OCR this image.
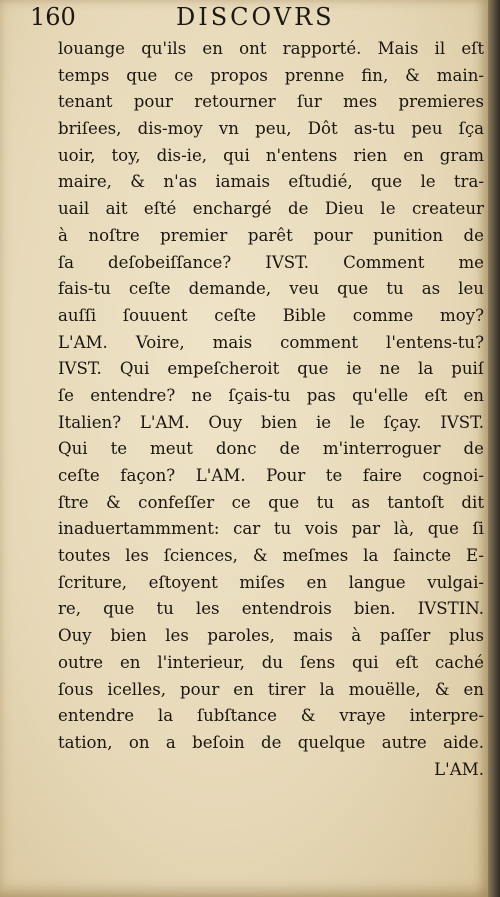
160	DISCOVRS
louange qu'ils en ont rapporté. Mais il eſt
temps que ce propos prenne fin, & main-
tenant pour retourner ſur mes premieres
briſees, dis-moy vn peu, Dôt as-tu peu ſça
uoir, toy, dis-ie, qui n'entens rien en gram
maire, & n'as iamais eſtudié, que le tra-
uail ait eſté enchargé de Dieu le createur
à noſtre premier parêt pour punition de
ſa deſobeiſſance? IVST. Comment me
fais-tu ceſte demande, veu que tu as leu
auſſi ſouuent ceſte Bible comme moy?
L'AM. Voire, mais comment l'entens-tu?
IVST. Qui empeſcheroit que ie ne la puiſ
ſe entendre? ne ſçais-tu pas qu'elle eſt en
Italien? L'AM. Ouy bien ie le ſçay. IVST.
Qui te meut donc de m'interroguer de
ceſte façon? L'AM. Pour te faire cognoi-
ſtre & confeſſer ce que tu as tantoſt dit
inaduertammment: car tu vois par là, que ſi
toutes les ſciences, & meſmes la ſaincte E-
ſcriture, eſtoyent miſes en langue vulgai-
re, que tu les entendrois bien. IVSTIN.
Ouy bien les paroles, mais à paſſer plus
outre en l'interieur, du ſens qui eſt caché
ſous icelles, pour en tirer la mouëlle, & en
entendre la ſubſtance & vraye interpre-
tation, on a beſoin de quelque autre aide.
L'AM.
